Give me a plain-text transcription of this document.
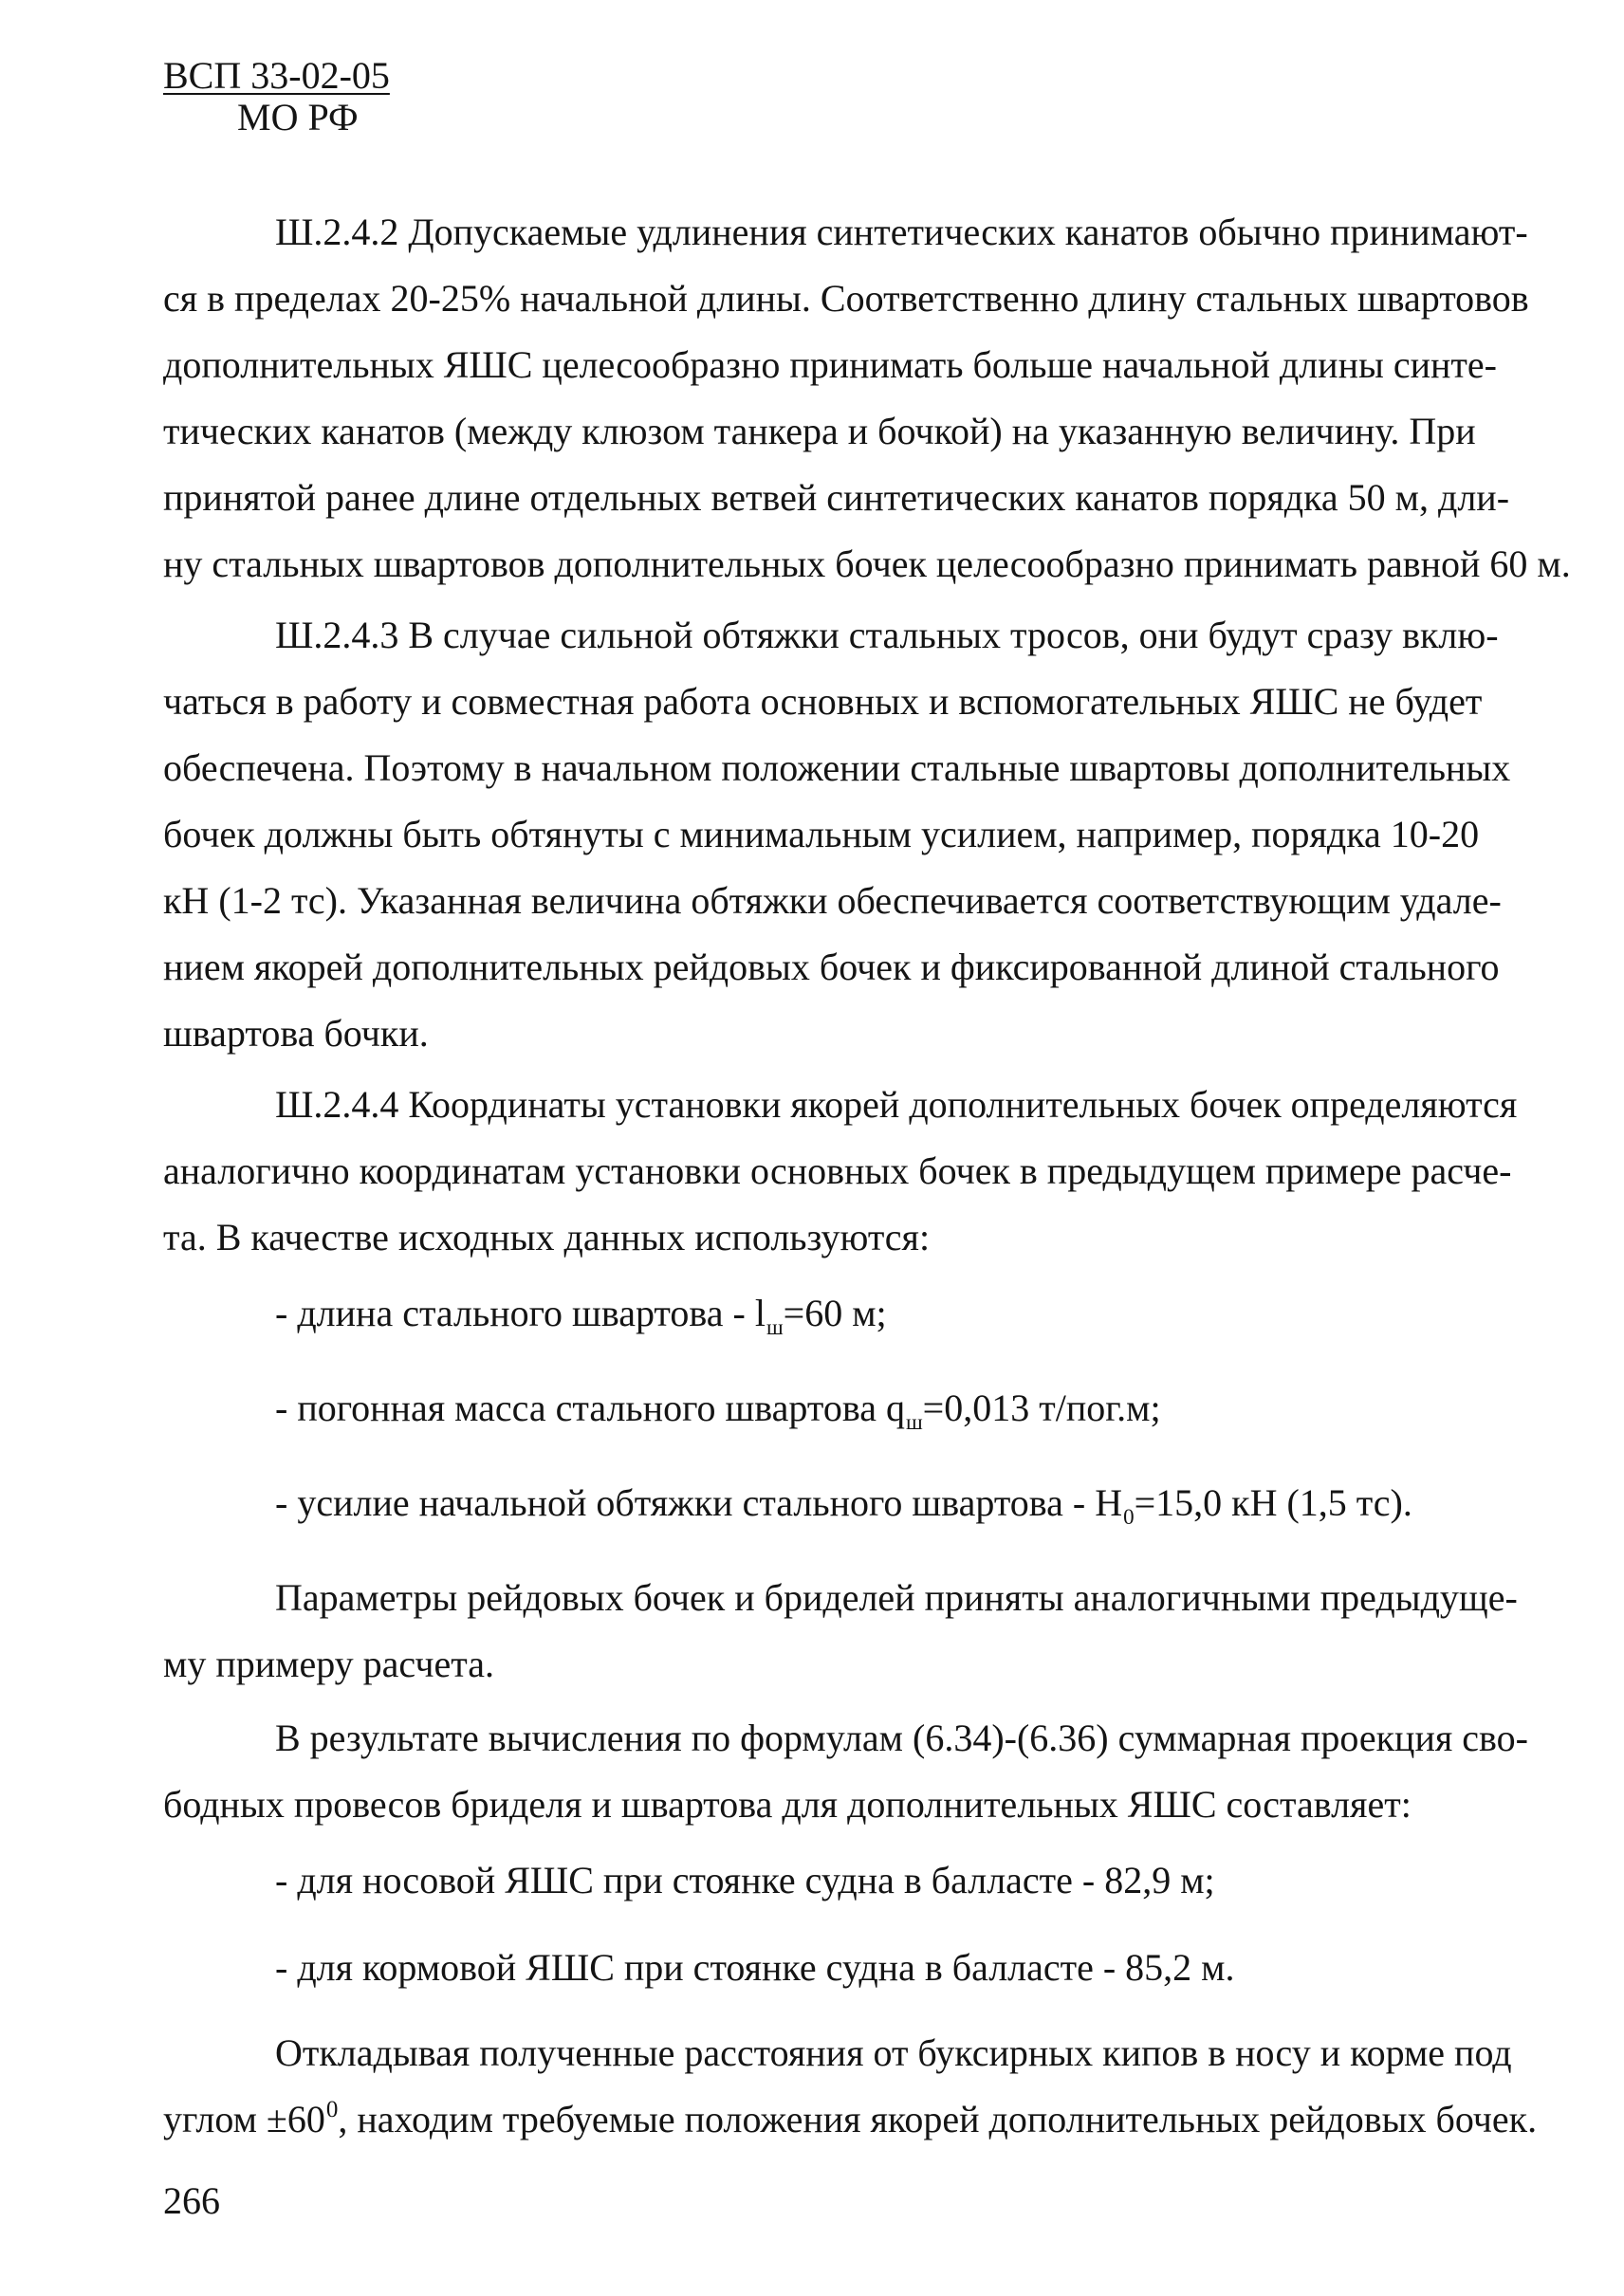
ВСП 33-02-05
МО РФ
Ш.2.4.2 Допускаемые удлинения синтетических канатов обычно принимают-
ся в пределах 20-25% начальной длины. Соответственно длину стальных швартовов
дополнительных ЯШС целесообразно принимать больше начальной длины синте-
тических канатов (между клюзом танкера и бочкой) на указанную величину. При
принятой ранее длине отдельных ветвей синтетических канатов порядка 50 м, дли-
ну стальных швартовов дополнительных бочек целесообразно принимать равной 60 м.
Ш.2.4.3 В случае сильной обтяжки стальных тросов, они будут сразу вклю-
чаться в работу и совместная работа основных и вспомогательных ЯШС не будет
обеспечена. Поэтому в начальном положении стальные швартовы дополнительных
бочек должны быть обтянуты с минимальным усилием, например, порядка 10-20
кН (1-2 тс). Указанная величина обтяжки обеспечивается соответствующим удале-
нием якорей дополнительных рейдовых бочек и фиксированной длиной стального
швартова бочки.
Ш.2.4.4 Координаты установки якорей дополнительных бочек определяются
аналогично координатам установки основных бочек в предыдущем примере расче-
та. В качестве исходных данных используются:
- длина стального швартова - $l_ш=60$ м;
- погонная масса стального швартова $q_ш=0,013$ т/пог.м;
- усилие начальной обтяжки стального швартова - $H_0=15,0$ кН (1,5 тс).
Параметры рейдовых бочек и бриделей приняты аналогичными предыдуще-
му примеру расчета.
В результате вычисления по формулам (6.34)-(6.36) суммарная проекция сво-
бодных провесов бриделя и швартова для дополнительных ЯШС составляет:
- для носовой ЯШС при стоянке судна в балласте - 82,9 м;
- для кормовой ЯШС при стоянке судна в балласте - 85,2 м.
Откладывая полученные расстояния от буксирных кипов в носу и корме под
углом $\pm 60^0$, находим требуемые положения якорей дополнительных рейдовых бочек.
266
